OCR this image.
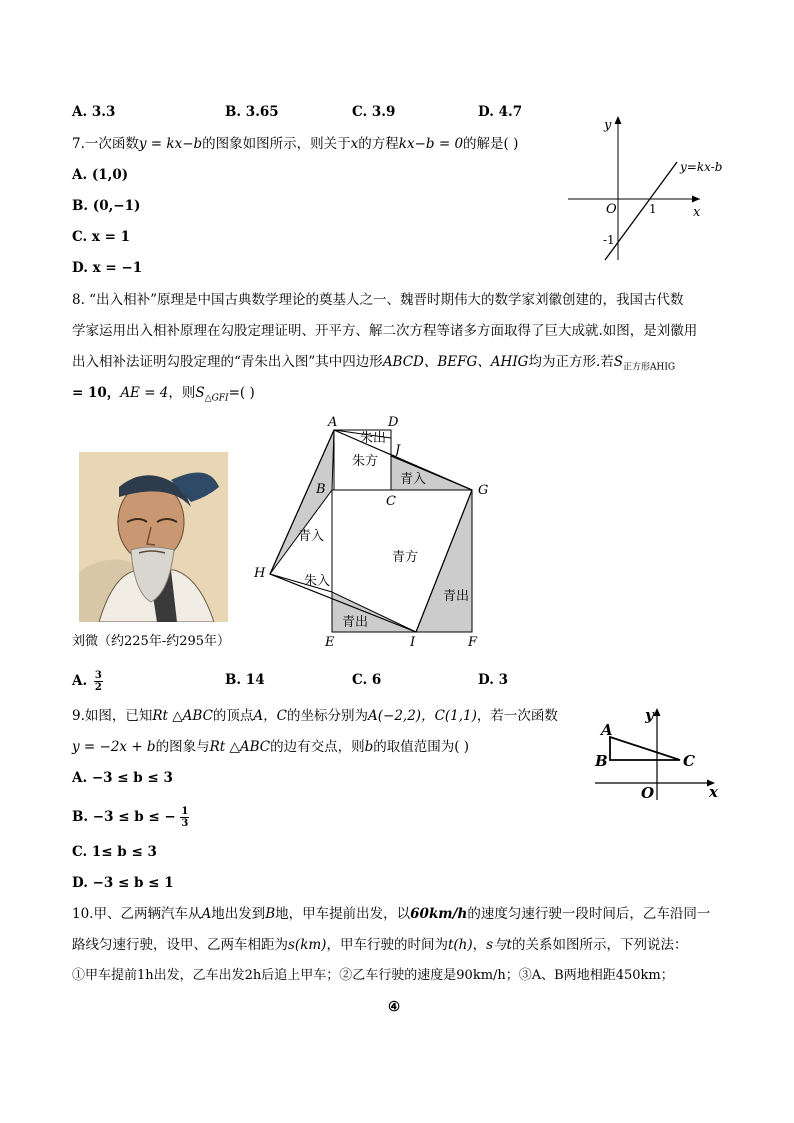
A. 3.3	B. 3.65	C. 3.9	D. 4.7
7.一次函数y = kx−b的图象如图所示，则关于x的方程kx−b = 0的解是( )
A. (1,0)
B. (0,−1)
C. x = 1
D. x = −1
y
x
O	1
-1
y=kx-b
8. “出入相补”原理是中国古典数学理论的奠基人之一、魏晋时期伟大的数学家刘徽创建的，我国古代数
学家运用出入相补原理在勾股定理证明、开平方、解二次方程等诸多方面取得了巨大成就.如图，是刘徽用
出入相补法证明勾股定理的“青朱出入图”其中四边形ABCD、BEFG、AHIG均为正方形.若$S_{正方形AHIG}$
= 10，AE = 4，则$S_{\triangle GFI}=$( )
刘微（约225年-约295年）
A	D
J
B
C
G
H
E	I	F
朱出
朱方
青入
青入
朱入
青方
青出
青出
A. $\frac{3}{2}$	B. 14	C. 6	D. 3
9.如图，已知Rt △ABC的顶点A，C的坐标分别为A(−2,2)，C(1,1)，若一次函数
y = −2x + b的图象与Rt △ABC的边有交点，则b的取值范围为( )
A. −3 ≤ b ≤ 3
B. −3 ≤ b ≤ − $\frac{1}{3}$
C. 1≤ b ≤ 3
D. −3 ≤ b ≤ 1
A
B	C
O	x
y
10.甲、乙两辆汽车从A地出发到B地，甲车提前出发，以60km/h的速度匀速行驶一段时间后，乙车沿同一
路线匀速行驶，设甲、乙两车相距为s(km)，甲车行驶的时间为t(h)，s与t的关系如图所示，下列说法：
①甲车提前1h出发，乙车出发2h后追上甲车；②乙车行驶的速度是90km/h；③A、B两地相距450km；
④
